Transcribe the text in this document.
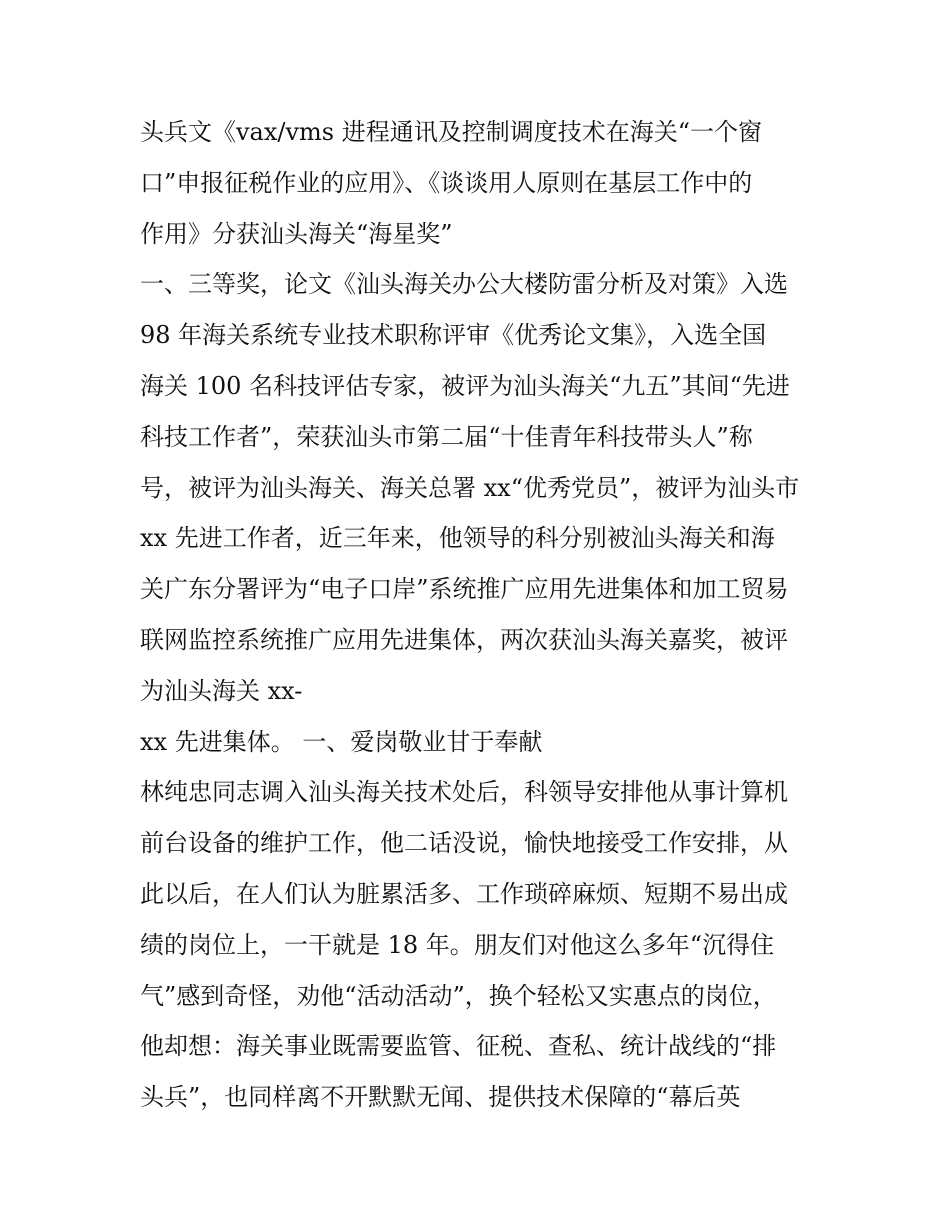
头兵文《vax/vms 进程通讯及控制调度技术在海关“一个窗

口”申报征税作业的应用》、《谈谈用人原则在基层工作中的

作用》分获汕头海关“海星奖”

一、三等奖，论文《汕头海关办公大楼防雷分析及对策》入选

98 年海关系统专业技术职称评审《优秀论文集》，入选全国

海关 100 名科技评估专家，被评为汕头海关“九五”其间“先进

科技工作者”，荣获汕头市第二届“十佳青年科技带头人”称

号，被评为汕头海关、海关总署 xx“优秀党员”，被评为汕头市

xx 先进工作者，近三年来，他领导的科分别被汕头海关和海

关广东分署评为“电子口岸”系统推广应用先进集体和加工贸易

联网监控系统推广应用先进集体，两次获汕头海关嘉奖，被评

为汕头海关 xx-

xx 先进集体。 一、爱岗敬业甘于奉献

林纯忠同志调入汕头海关技术处后，科领导安排他从事计算机

前台设备的维护工作，他二话没说，愉快地接受工作安排，从

此以后，在人们认为脏累活多、工作琐碎麻烦、短期不易出成

绩的岗位上，一干就是 18 年。朋友们对他这么多年“沉得住

气”感到奇怪，劝他“活动活动”，换个轻松又实惠点的岗位，

他却想：海关事业既需要监管、征税、查私、统计战线的“排

头兵”，也同样离不开默默无闻、提供技术保障的“幕后英
